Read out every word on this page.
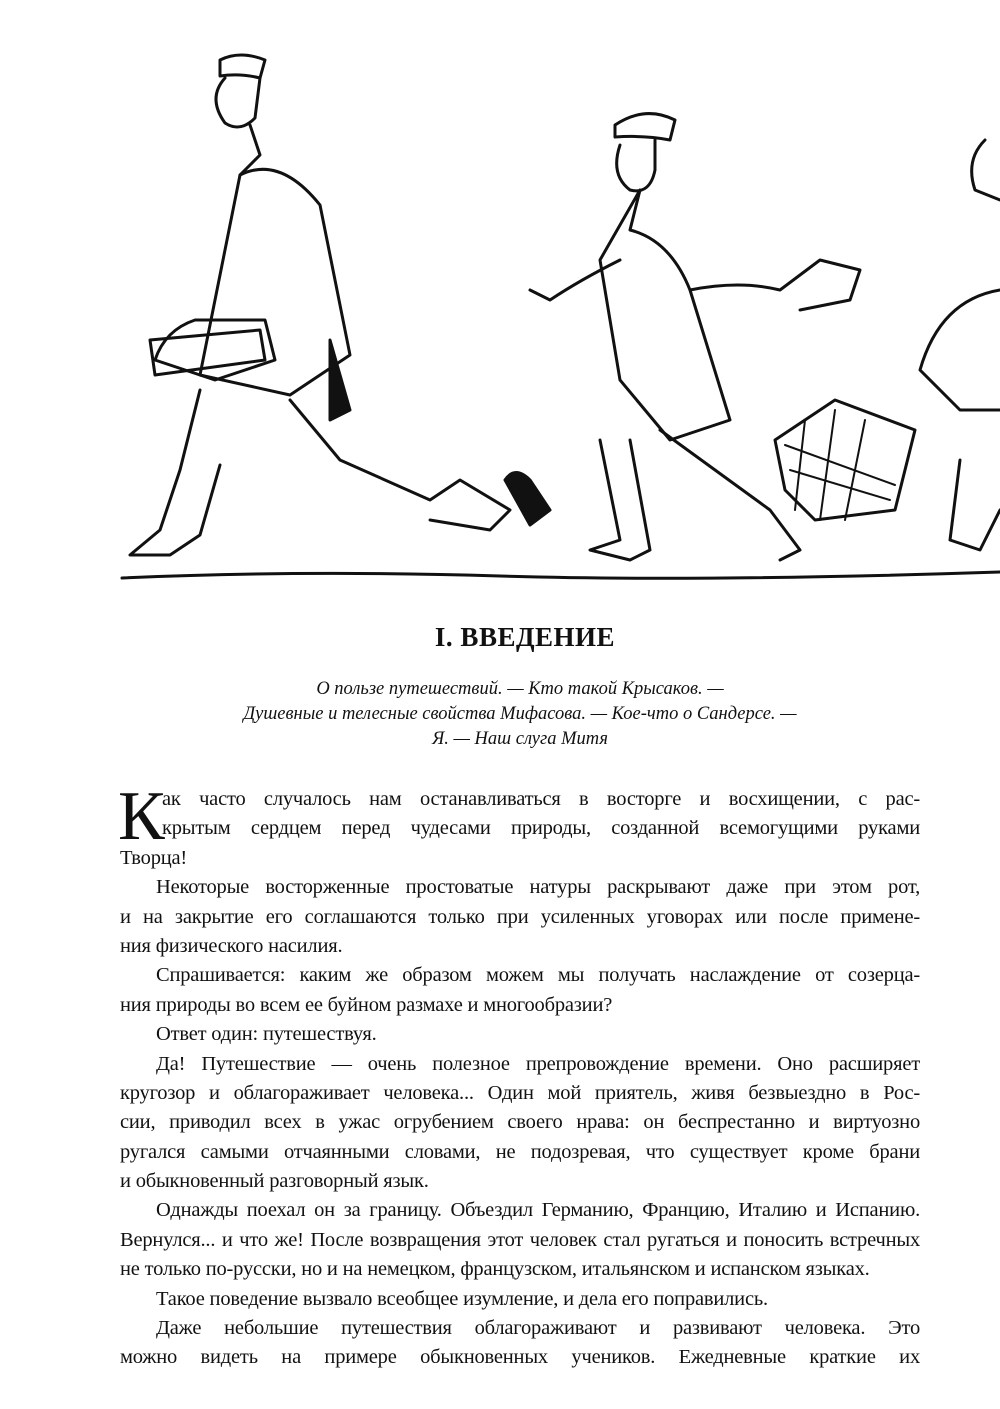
I. ВВЕДЕНИЕ
О пользе путешествий. — Кто такой Крысаков. —
Душевные и телесные свойства Мифасова. — Кое-что о Сандерсе. —
Я. — Наш слуга Митя
К
ак часто случалось нам останавливаться в восторге и восхищении, с рас-
крытым сердцем перед чудесами природы, созданной всемогущими руками
Творца!
Некоторые восторженные простоватые натуры раскрывают даже при этом рот,
и на закрытие его соглашаются только при усиленных уговорах или после примене-
ния физического насилия.
Спрашивается: каким же образом можем мы получать наслаждение от созерца-
ния природы во всем ее буйном размахе и многообразии?
Ответ один: путешествуя.
Да! Путешествие — очень полезное препровождение времени. Оно расширяет
кругозор и облагораживает человека... Один мой приятель, живя безвыездно в Рос-
сии, приводил всех в ужас огрубением своего нрава: он беспрестанно и виртуозно
ругался самыми отчаянными словами, не подозревая, что существует кроме брани
и обыкновенный разговорный язык.
Однажды поехал он за границу. Объездил Германию, Францию, Италию и Испанию.
Вернулся... и что же! После возвращения этот человек стал ругаться и поносить встречных
не только по-русски, но и на немецком, французском, итальянском и испанском языках.
Такое поведение вызвало всеобщее изумление, и дела его поправились.
Даже небольшие путешествия облагораживают и развивают человека. Это
можно видеть на примере обыкновенных учеников. Ежедневные краткие их
